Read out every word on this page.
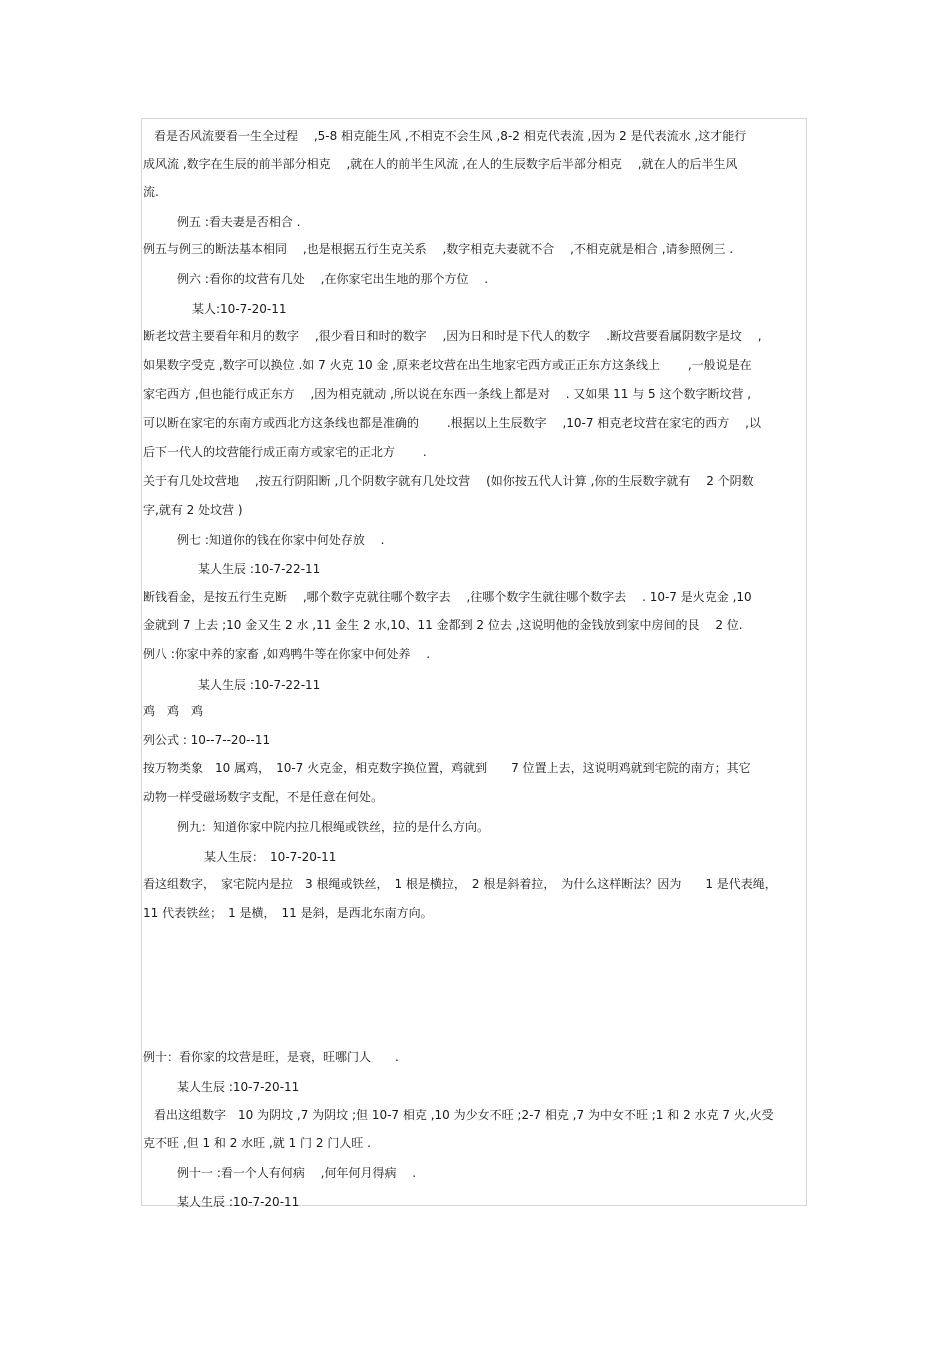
看是否风流要看一生全过程　 ,5-8 相克能生风 ,不相克不会生风 ,8-2 相克代表流 ,因为 2 是代表流水 ,这才能行
成风流 ,数字在生辰的前半部分相克　 ,就在人的前半生风流 ,在人的生辰数字后半部分相克　 ,就在人的后半生风
流.
例五 :看夫妻是否相合 .
例五与例三的断法基本相同　 ,也是根据五行生克关系　 ,数字相克夫妻就不合　 ,不相克就是相合 ,请参照例三 .
例六 :看你的坟营有几处　 ,在你家宅出生地的那个方位　 .
某人:10-7-20-11
断老坟营主要看年和月的数字　 ,很少看日和时的数字　 ,因为日和时是下代人的数字　 .断坟营要看属阴数字是坟　 ,
如果数字受克 ,数字可以换位 .如 7 火克 10 金 ,原来老坟营在出生地家宅西方或正正东方这条线上　　 ,一般说是在
家宅西方 ,但也能行成正东方　 ,因为相克就动 ,所以说在东西一条线上都是对　 . 又如果 11 与 5 这个数字断坟营 ,
可以断在家宅的东南方或西北方这条线也都是准确的　　 .根据以上生辰数字　 ,10-7 相克老坟营在家宅的西方　 ,以
后下一代人的坟营能行成正南方或家宅的正北方　　 .
关于有几处坟营地　 ,按五行阴阳断 ,几个阴数字就有几处坟营　 (如你按五代人计算 ,你的生辰数字就有　 2 个阴数
字,就有 2 处坟营 )
例七 :知道你的钱在你家中何处存放　 .
某人生辰 :10-7-22-11
断钱看金，是按五行生克断　 ,哪个数字克就往哪个数字去　 ,往哪个数字生就往哪个数字去　 . 10-7 是火克金 ,10
金就到 7 上去 ;10 金又生 2 水 ,11 金生 2 水,10、11 金都到 2 位去 ,这说明他的金钱放到家中房间的艮　 2 位.
例八 :你家中养的家畜 ,如鸡鸭牛等在你家中何处养　 .
某人生辰 :10-7-22-11
鸡　鸡　鸡
列公式 : 10--7--20--11
按万物类象　10 属鸡，　10-7 火克金，相克数字换位置，鸡就到　　7 位置上去，这说明鸡就到宅院的南方；其它
动物一样受磁场数字支配，不是任意在何处。
例九：知道你家中院内拉几根绳或铁丝，拉的是什么方向。
某人生辰：　10-7-20-11
看这组数字，　家宅院内是拉　3 根绳或铁丝，　1 根是横拉，　2 根是斜着拉，　为什么这样断法？因为　　1 是代表绳，
11 代表铁丝；　1 是横，　11 是斜，是西北东南方向。
例十：看你家的坟营是旺，是衰，旺哪门人　　.
某人生辰 :10-7-20-11
看出这组数字　10 为阴坟 ,7 为阴坟 ;但 10-7 相克 ,10 为少女不旺 ;2-7 相克 ,7 为中女不旺 ;1 和 2 水克 7 火,火受
克不旺 ,但 1 和 2 水旺 ,就 1 门 2 门人旺 .
例十一 :看一个人有何病　 ,何年何月得病　 .
某人生辰 :10-7-20-11
